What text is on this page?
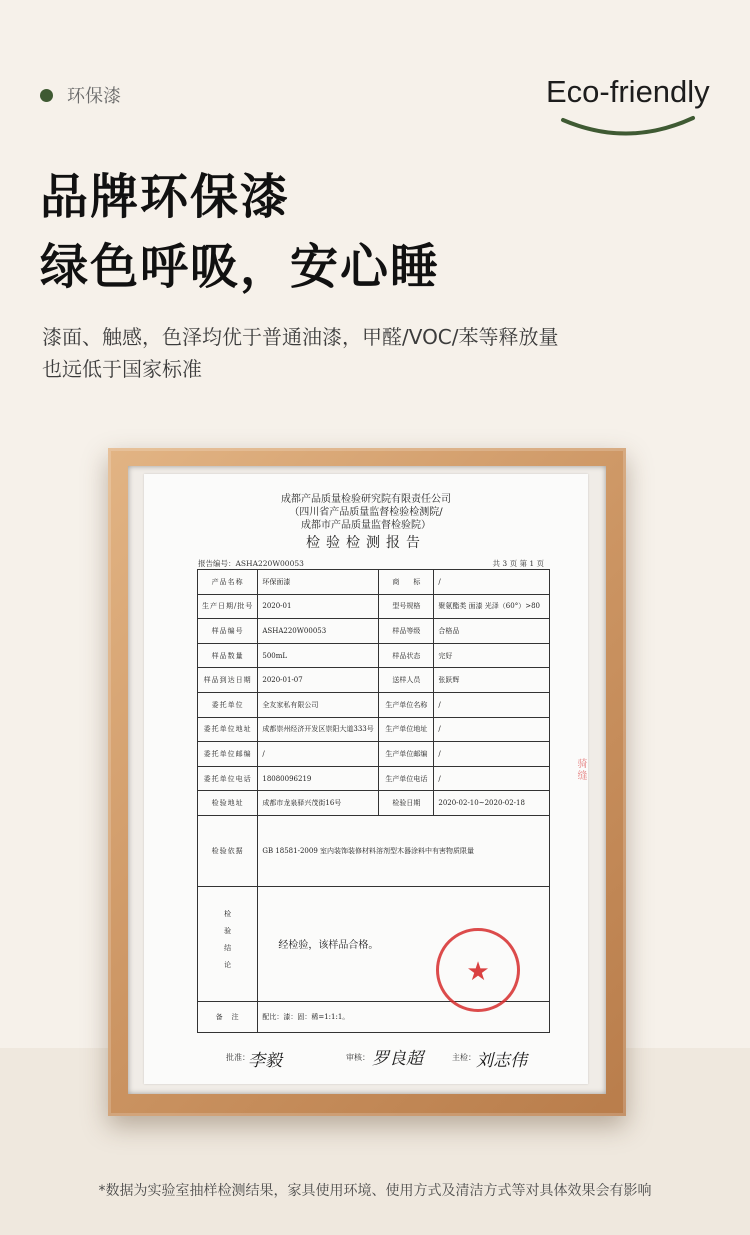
环保漆	Eco-friendly
品牌环保漆
绿色呼吸，安心睡
漆面、触感，色泽均优于普通油漆，甲醛/VOC/苯等释放量
也远低于国家标准
成都产品质量检验研究院有限责任公司
（四川省产品质量监督检验检测院/
成都市产品质量监督检验院）
检验检测报告
报告编号：ASHA220W00053	共 3 页 第 1 页
产品名称	环保面漆	商　　标	/
生产日期/批号	2020-01	型号规格	聚氨酯类 面漆 光泽（60°）>80
样品编号	ASHA220W00053	样品等级	合格品
样品数量	500mL	样品状态	完好
样品到达日期	2020-01-07	送样人员	张跃辉
委托单位	全友家私有限公司	生产单位名称	/
委托单位地址	成都崇州经济开发区崇阳大道333号	生产单位地址	/
委托单位邮编	/	生产单位邮编	/
委托单位电话	18080096219	生产单位电话	/
检验地址	成都市龙泉驿兴茂街16号	检验日期	2020-02-10~2020-02-18
检验依据	GB 18581-2009 室内装饰装修材料溶剂型木器涂料中有害物质限量		

检验结论	经检验，该样品合格。		
备　注	配比：漆：固：稀=1:1:1。		
骑缝
★
批准：
李毅	审核： 罗良超	主检： 刘志伟
*数据为实验室抽样检测结果，家具使用环境、使用方式及清洁方式等对具体效果会有影响
